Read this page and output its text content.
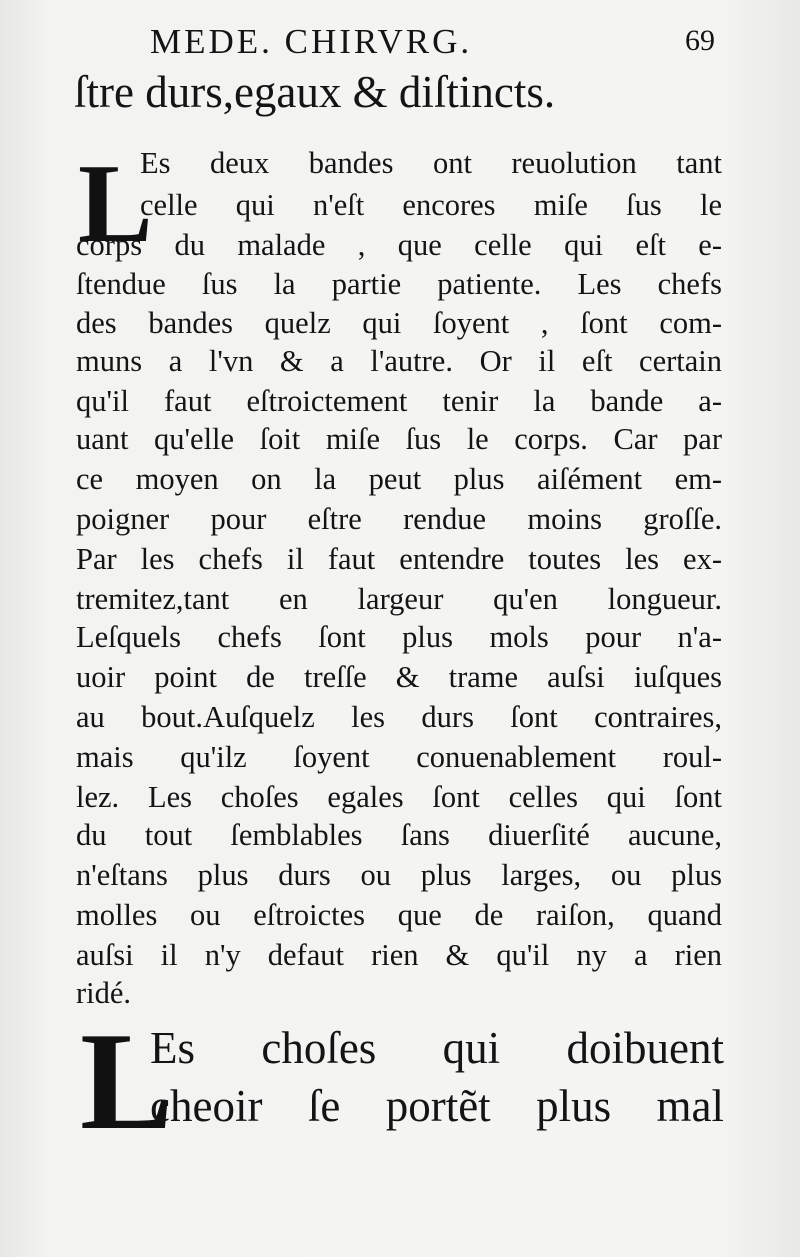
MEDE. CHIRVRG.	69
ſtre durs,egaux & diſtincts.
L
Es deux bandes ont reuolution tant
celle qui n'eſt encores miſe ſus le
corps du malade , que celle qui eſt e-
ſtendue ſus la partie patiente. Les chefs
des bandes quelz qui ſoyent , ſont com-
muns a l'vn & a l'autre. Or il eſt certain
qu'il faut eſtroictement tenir la bande a-
uant qu'elle ſoit miſe ſus le corps. Car par
ce moyen on la peut plus aiſément em-
poigner pour eſtre rendue moins groſſe.
Par les chefs il faut entendre toutes les ex-
tremitez,tant en largeur qu'en longueur.
Leſquels chefs ſont plus mols pour n'a-
uoir point de treſſe & trame auſsi iuſques
au bout.Auſquelz les durs ſont contraires,
mais qu'ilz ſoyent conuenablement roul-
lez. Les choſes egales ſont celles qui ſont
du tout ſemblables ſans diuerſité aucune,
n'eſtans plus durs ou plus larges, ou plus
molles ou eſtroictes que de raiſon, quand
auſsi il n'y defaut rien & qu'il ny a rien
ridé.
L
Es choſes qui doibuent
cheoir ſe portẽt plus mal
